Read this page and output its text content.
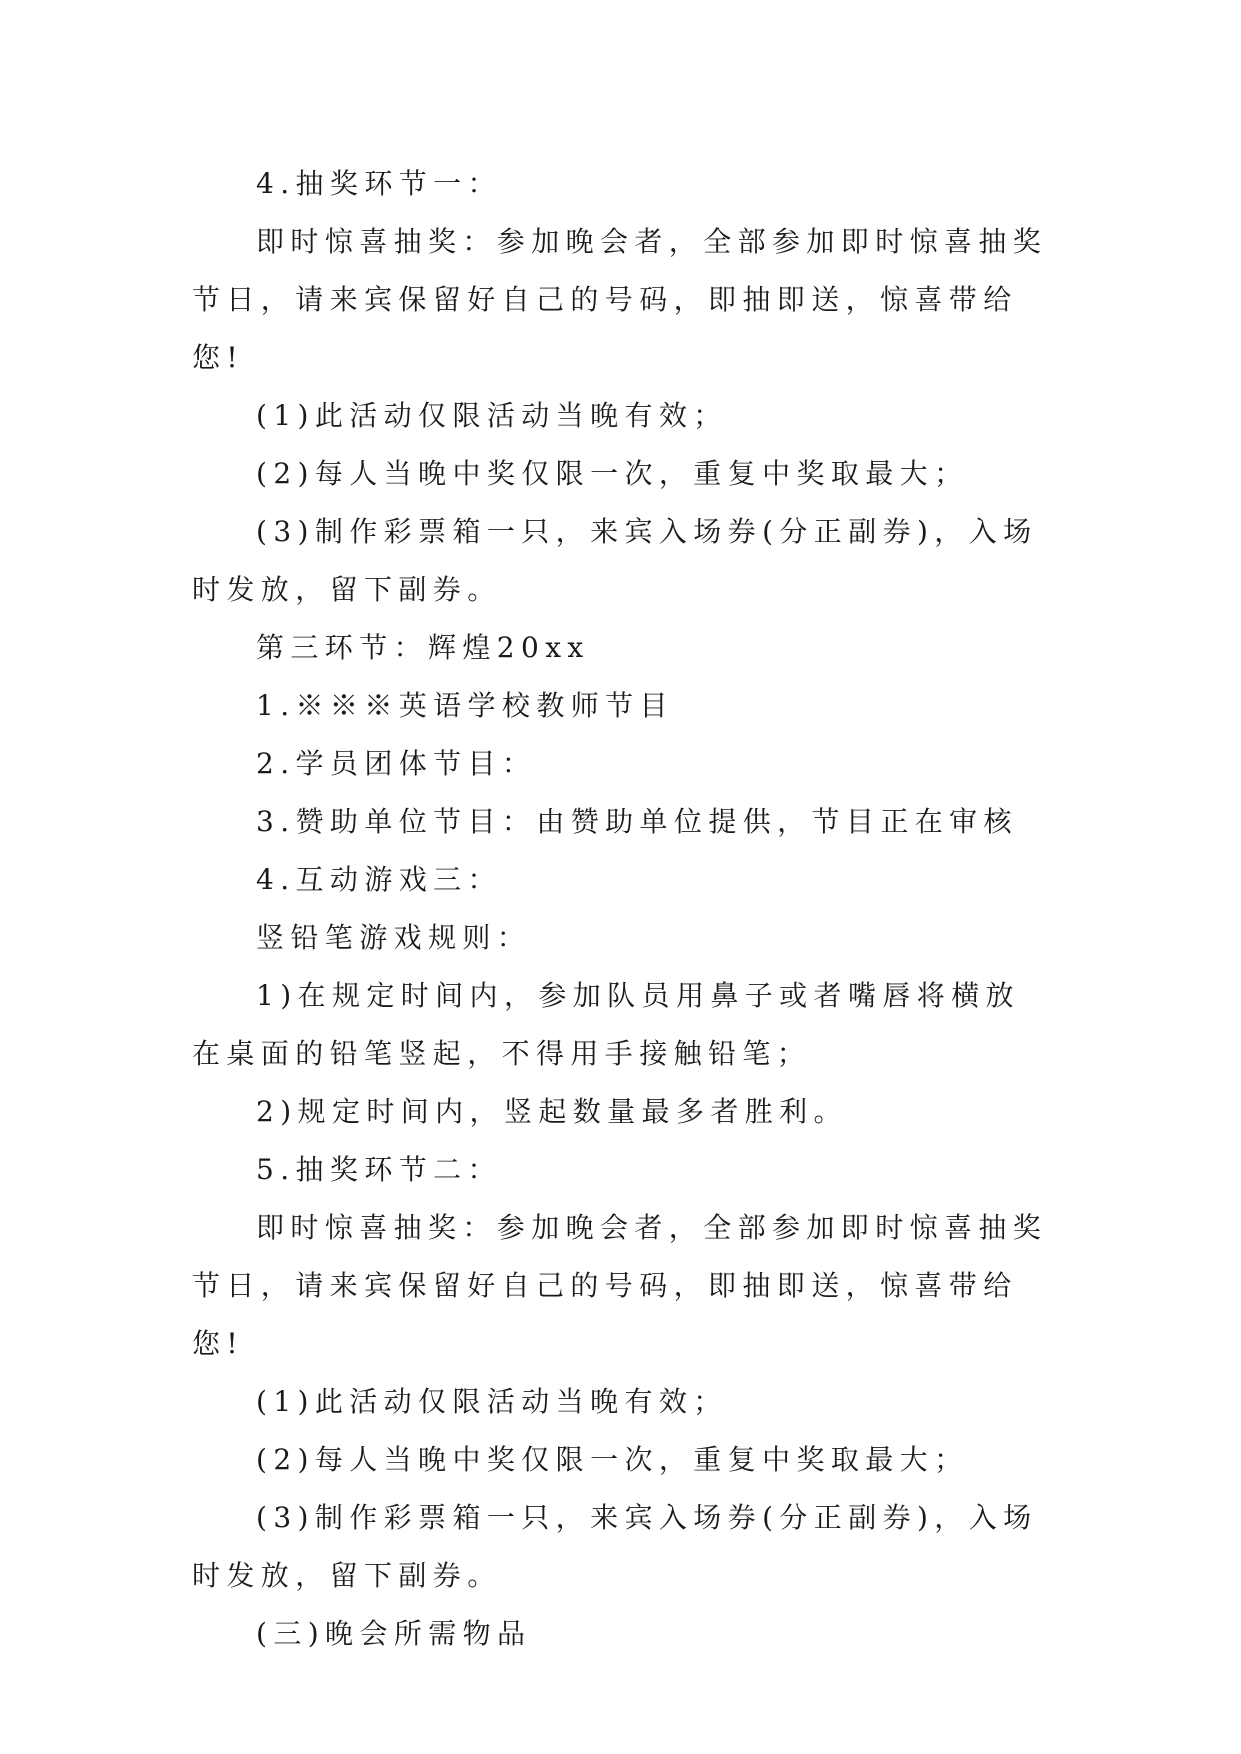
4.抽奖环节一：

即时惊喜抽奖：参加晚会者，全部参加即时惊喜抽奖节日，请来宾保留好自己的号码，即抽即送，惊喜带给您!

(1)此活动仅限活动当晚有效；

(2)每人当晚中奖仅限一次，重复中奖取最大；

(3)制作彩票箱一只，来宾入场券(分正副券)，入场时发放，留下副券。

第三环节：辉煌20xx

1.※※※英语学校教师节目

2.学员团体节目：

3.赞助单位节目：由赞助单位提供，节目正在审核

4.互动游戏三：

竖铅笔游戏规则：

1)在规定时间内，参加队员用鼻子或者嘴唇将横放在桌面的铅笔竖起，不得用手接触铅笔；

2)规定时间内，竖起数量最多者胜利。

5.抽奖环节二：

即时惊喜抽奖：参加晚会者，全部参加即时惊喜抽奖节日，请来宾保留好自己的号码，即抽即送，惊喜带给您!

(1)此活动仅限活动当晚有效；

(2)每人当晚中奖仅限一次，重复中奖取最大；

(3)制作彩票箱一只，来宾入场券(分正副券)，入场时发放，留下副券。

(三)晚会所需物品
